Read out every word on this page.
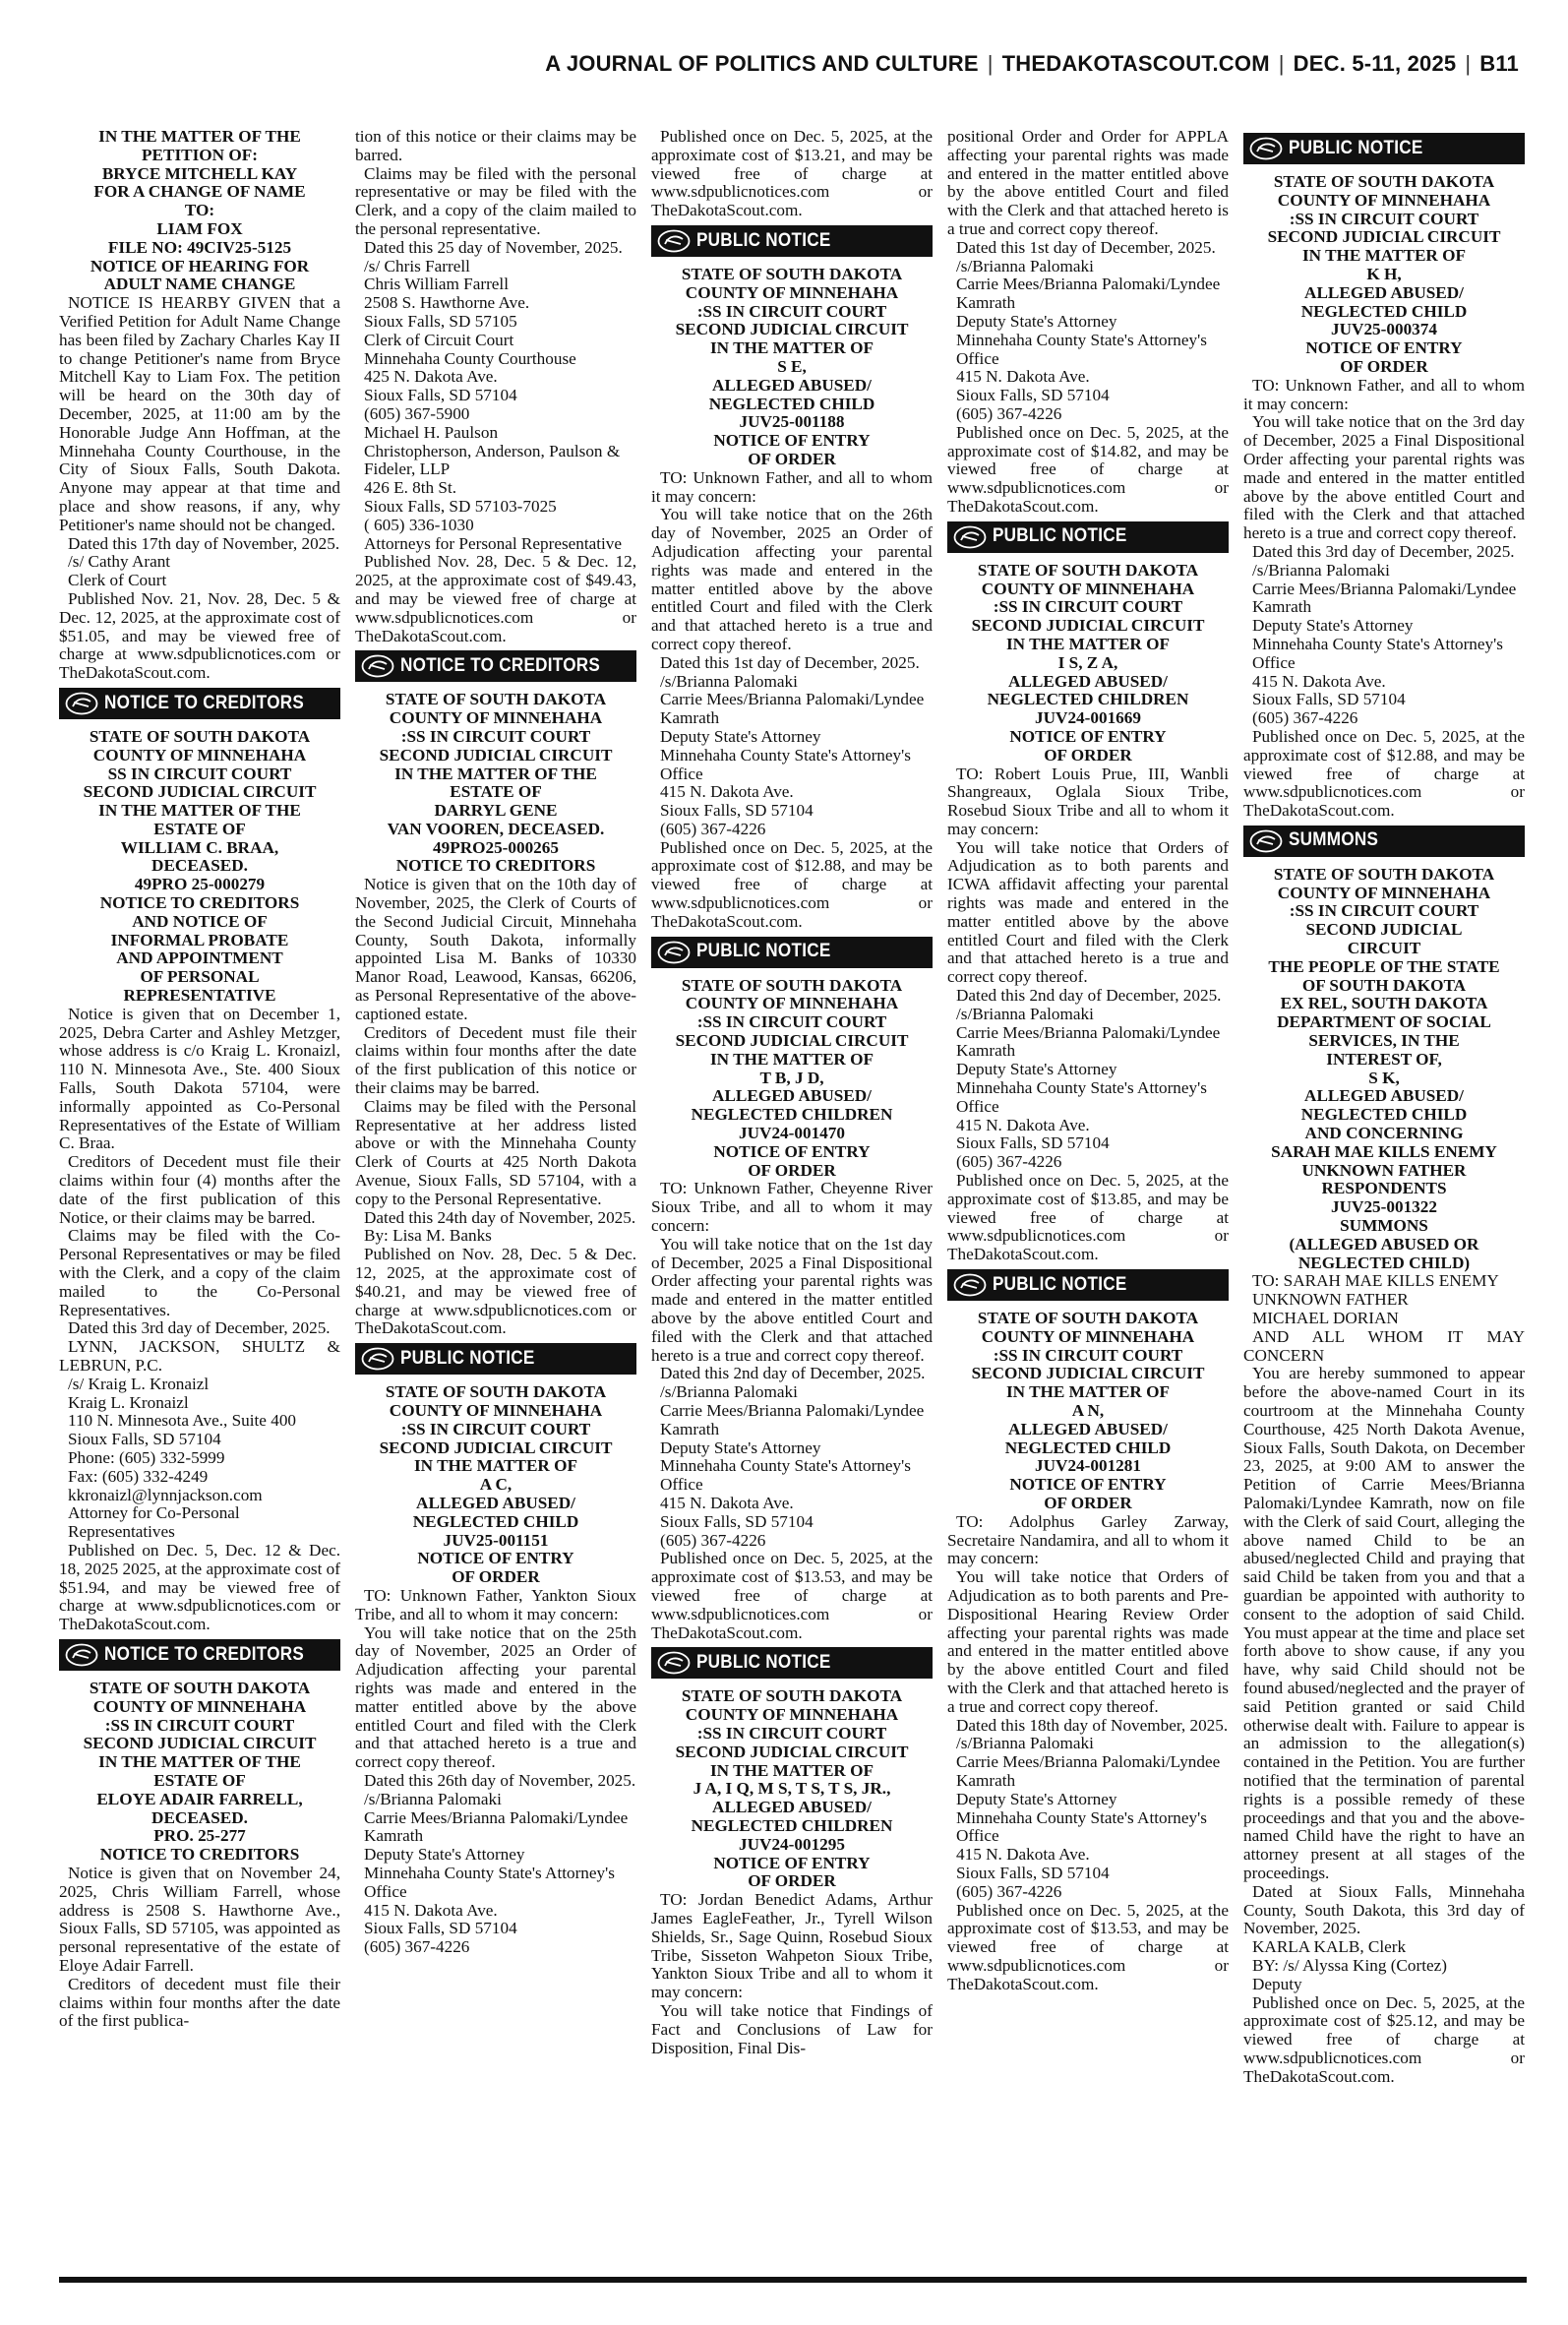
A JOURNAL OF POLITICS AND CULTURE | THEDAKOTASCOUT.COM | DEC. 5-11, 2025 | B11
IN THE MATTER OF THE
PETITION OF:
BRYCE MITCHELL KAY
FOR A CHANGE OF NAME
TO:
LIAM FOX
FILE NO: 49CIV25-5125
NOTICE OF HEARING FOR
ADULT NAME CHANGE

NOTICE IS HEARBY GIVEN that a Verified Petition for Adult Name Change has been filed by Zachary Charles Kay II to change Petitioner's name from Bryce Mitchell Kay to Liam Fox. The petition will be heard on the 30th day of December, 2025, at 11:00 am by the Honorable Judge Ann Hoffman, at the Minnehaha County Courthouse, in the City of Sioux Falls, South Dakota. Anyone may appear at that time and place and show reasons, if any, why Petitioner's name should not be changed.

Dated this 17th day of November, 2025.

/s/ Cathy Arant
Clerk of Court

Published Nov. 21, Nov. 28, Dec. 5 & Dec. 12, 2025, at the approximate cost of $51.05, and may be viewed free of charge at www.sdpublicnotices.com or TheDakotaScout.com.

NOTICE TO CREDITORS
STATE OF SOUTH DAKOTA
COUNTY OF MINNEHAHA
SS IN CIRCUIT COURT
SECOND JUDICIAL CIRCUIT
IN THE MATTER OF THE
ESTATE OF
WILLIAM C. BRAA,
DECEASED.
49PRO 25-000279
NOTICE TO CREDITORS
AND NOTICE OF
INFORMAL PROBATE
AND APPOINTMENT
OF PERSONAL
REPRESENTATIVE

Notice is given that on December 1, 2025, Debra Carter and Ashley Metzger, whose address is c/o Kraig L. Kronaizl, 110 N. Minnesota Ave., Ste. 400 Sioux Falls, South Dakota 57104, were informally appointed as Co-Personal Representatives of the Estate of William C. Braa.

Creditors of Decedent must file their claims within four (4) months after the date of the first publication of this Notice, or their claims may be barred.

Claims may be filed with the Co-Personal Representatives or may be filed with the Clerk, and a copy of the claim mailed to the Co-Personal Representatives.

Dated this 3rd day of December, 2025.

LYNN, JACKSON, SHULTZ & LEBRUN, P.C.

/s/ Kraig L. Kronaizl
Kraig L. Kronaizl
110 N. Minnesota Ave., Suite 400
Sioux Falls, SD 57104
Phone: (605) 332-5999
Fax: (605) 332-4249
kkronaizl@lynnjackson.com
Attorney for Co-Personal Representatives

Published on Dec. 5, Dec. 12 & Dec. 18, 2025 2025, at the approximate cost of $51.94, and may be viewed free of charge at www.sdpublicnotices.com or TheDakotaScout.com.

NOTICE TO CREDITORS
STATE OF SOUTH DAKOTA
COUNTY OF MINNEHAHA
:SS IN CIRCUIT COURT
SECOND JUDICIAL CIRCUIT
IN THE MATTER OF THE
ESTATE OF
ELOYE ADAIR FARRELL,
DECEASED.
PRO. 25-277
NOTICE TO CREDITORS

Notice is given that on November 24, 2025, Chris William Farrell, whose address is 2508 S. Hawthorne Ave., Sioux Falls, SD 57105, was appointed as personal representative of the estate of Eloye Adair Farrell.

Creditors of decedent must file their claims within four months after the date of the first publica-

tion of this notice or their claims may be barred.

Claims may be filed with the personal representative or may be filed with the Clerk, and a copy of the claim mailed to the personal representative.

Dated this 25 day of November, 2025.

/s/ Chris Farrell
Chris William Farrell
2508 S. Hawthorne Ave.
Sioux Falls, SD 57105
Clerk of Circuit Court
Minnehaha County Courthouse
425 N. Dakota Ave.
Sioux Falls, SD 57104
(605) 367-5900
Michael H. Paulson
Christopherson, Anderson, Paulson & Fideler, LLP
426 E. 8th St.
Sioux Falls, SD 57103-7025
( 605) 336-1030
Attorneys for Personal Representative

Published Nov. 28, Dec. 5 & Dec. 12, 2025, at the approximate cost of $49.43, and may be viewed free of charge at www.sdpublicnotices.com or TheDakotaScout.com.

NOTICE TO CREDITORS
STATE OF SOUTH DAKOTA
COUNTY OF MINNEHAHA
:SS IN CIRCUIT COURT
SECOND JUDICIAL CIRCUIT
IN THE MATTER OF THE
ESTATE OF
DARRYL GENE
VAN VOOREN, DECEASED.
49PRO25-000265
NOTICE TO CREDITORS

Notice is given that on the 10th day of November, 2025, the Clerk of Courts of the Second Judicial Circuit, Minnehaha County, South Dakota, informally appointed Lisa M. Banks of 10330 Manor Road, Leawood, Kansas, 66206, as Personal Representative of the above-captioned estate.

Creditors of Decedent must file their claims within four months after the date of the first publication of this notice or their claims may be barred.

Claims may be filed with the Personal Representative at her address listed above or with the Minnehaha County Clerk of Courts at 425 North Dakota Avenue, Sioux Falls, SD 57104, with a copy to the Personal Representative.

Dated this 24th day of November, 2025.

By: Lisa M. Banks

Published on Nov. 28, Dec. 5 & Dec. 12, 2025, at the approximate cost of $40.21, and may be viewed free of charge at www.sdpublicnotices.com or TheDakotaScout.com.

PUBLIC NOTICE
STATE OF SOUTH DAKOTA
COUNTY OF MINNEHAHA
:SS IN CIRCUIT COURT
SECOND JUDICIAL CIRCUIT
IN THE MATTER OF
A C,
ALLEGED ABUSED/
NEGLECTED CHILD
JUV25-001151
NOTICE OF ENTRY
OF ORDER

TO: Unknown Father, Yankton Sioux Tribe, and all to whom it may concern:

You will take notice that on the 25th day of November, 2025 an Order of Adjudication affecting your parental rights was made and entered in the matter entitled above by the above entitled Court and filed with the Clerk and that attached hereto is a true and correct copy thereof.

Dated this 26th day of November, 2025.

/s/Brianna Palomaki
Carrie Mees/Brianna Palomaki/Lyndee Kamrath
Deputy State's Attorney
Minnehaha County State's Attorney's Office
415 N. Dakota Ave.
Sioux Falls, SD 57104
(605) 367-4226

Published once on Dec. 5, 2025, at the approximate cost of $13.21, and may be viewed free of charge at www.sdpublicnotices.com or TheDakotaScout.com.

PUBLIC NOTICE
STATE OF SOUTH DAKOTA
COUNTY OF MINNEHAHA
:SS IN CIRCUIT COURT
SECOND JUDICIAL CIRCUIT
IN THE MATTER OF
S E,
ALLEGED ABUSED/
NEGLECTED CHILD
JUV25-001188
NOTICE OF ENTRY
OF ORDER

TO: Unknown Father, and all to whom it may concern:

You will take notice that on the 26th day of November, 2025 an Order of Adjudication affecting your parental rights was made and entered in the matter entitled above by the above entitled Court and filed with the Clerk and that attached hereto is a true and correct copy thereof.

Dated this 1st day of December, 2025.

/s/Brianna Palomaki
Carrie Mees/Brianna Palomaki/Lyndee Kamrath
Deputy State's Attorney
Minnehaha County State's Attorney's Office
415 N. Dakota Ave.
Sioux Falls, SD 57104
(605) 367-4226

Published once on Dec. 5, 2025, at the approximate cost of $12.88, and may be viewed free of charge at www.sdpublicnotices.com or TheDakotaScout.com.

PUBLIC NOTICE
STATE OF SOUTH DAKOTA
COUNTY OF MINNEHAHA
:SS IN CIRCUIT COURT
SECOND JUDICIAL CIRCUIT
IN THE MATTER OF
T B, J D,
ALLEGED ABUSED/
NEGLECTED CHILDREN
JUV24-001470
NOTICE OF ENTRY
OF ORDER

TO: Unknown Father, Cheyenne River Sioux Tribe, and all to whom it may concern:

You will take notice that on the 1st day of December, 2025 a Final Dispositional Order affecting your parental rights was made and entered in the matter entitled above by the above entitled Court and filed with the Clerk and that attached hereto is a true and correct copy thereof.

Dated this 2nd day of December, 2025.

/s/Brianna Palomaki
Carrie Mees/Brianna Palomaki/Lyndee Kamrath
Deputy State's Attorney
Minnehaha County State's Attorney's Office
415 N. Dakota Ave.
Sioux Falls, SD 57104
(605) 367-4226

Published once on Dec. 5, 2025, at the approximate cost of $13.53, and may be viewed free of charge at www.sdpublicnotices.com or TheDakotaScout.com.

PUBLIC NOTICE
STATE OF SOUTH DAKOTA
COUNTY OF MINNEHAHA
:SS IN CIRCUIT COURT
SECOND JUDICIAL CIRCUIT
IN THE MATTER OF
J A, I Q, M S, T S, T S, JR.,
ALLEGED ABUSED/
NEGLECTED CHILDREN
JUV24-001295
NOTICE OF ENTRY
OF ORDER

TO: Jordan Benedict Adams, Arthur James EagleFeather, Jr., Tyrell Wilson Shields, Sr., Sage Quinn, Rosebud Sioux Tribe, Sisseton Wahpeton Sioux Tribe, Yankton Sioux Tribe and all to whom it may concern:

You will take notice that Findings of Fact and Conclusions of Law for Disposition, Final Dis-

positional Order and Order for APPLA affecting your parental rights was made and entered in the matter entitled above by the above entitled Court and filed with the Clerk and that attached hereto is a true and correct copy thereof.

Dated this 1st day of December, 2025.

/s/Brianna Palomaki
Carrie Mees/Brianna Palomaki/Lyndee Kamrath
Deputy State's Attorney
Minnehaha County State's Attorney's Office
415 N. Dakota Ave.
Sioux Falls, SD 57104
(605) 367-4226

Published once on Dec. 5, 2025, at the approximate cost of $14.82, and may be viewed free of charge at www.sdpublicnotices.com or TheDakotaScout.com.

PUBLIC NOTICE
STATE OF SOUTH DAKOTA
COUNTY OF MINNEHAHA
:SS IN CIRCUIT COURT
SECOND JUDICIAL CIRCUIT
IN THE MATTER OF
I S, Z A,
ALLEGED ABUSED/
NEGLECTED CHILDREN
JUV24-001669
NOTICE OF ENTRY
OF ORDER

TO: Robert Louis Prue, III, Wanbli Shangreaux, Oglala Sioux Tribe, Rosebud Sioux Tribe and all to whom it may concern:

You will take notice that Orders of Adjudication as to both parents and ICWA affidavit affecting your parental rights was made and entered in the matter entitled above by the above entitled Court and filed with the Clerk and that attached hereto is a true and correct copy thereof.

Dated this 2nd day of December, 2025.

/s/Brianna Palomaki
Carrie Mees/Brianna Palomaki/Lyndee Kamrath
Deputy State's Attorney
Minnehaha County State's Attorney's Office
415 N. Dakota Ave.
Sioux Falls, SD 57104
(605) 367-4226

Published once on Dec. 5, 2025, at the approximate cost of $13.85, and may be viewed free of charge at www.sdpublicnotices.com or TheDakotaScout.com.

PUBLIC NOTICE
STATE OF SOUTH DAKOTA
COUNTY OF MINNEHAHA
:SS IN CIRCUIT COURT
SECOND JUDICIAL CIRCUIT
IN THE MATTER OF
A N,
ALLEGED ABUSED/
NEGLECTED CHILD
JUV24-001281
NOTICE OF ENTRY
OF ORDER

TO: Adolphus Garley Zarway, Secretaire Nandamira, and all to whom it may concern:

You will take notice that Orders of Adjudication as to both parents and Pre-Dispositional Hearing Review Order affecting your parental rights was made and entered in the matter entitled above by the above entitled Court and filed with the Clerk and that attached hereto is a true and correct copy thereof.

Dated this 18th day of November, 2025.

/s/Brianna Palomaki
Carrie Mees/Brianna Palomaki/Lyndee Kamrath
Deputy State's Attorney
Minnehaha County State's Attorney's Office
415 N. Dakota Ave.
Sioux Falls, SD 57104
(605) 367-4226

Published once on Dec. 5, 2025, at the approximate cost of $13.53, and may be viewed free of charge at www.sdpublicnotices.com or TheDakotaScout.com.

PUBLIC NOTICE
STATE OF SOUTH DAKOTA
COUNTY OF MINNEHAHA
:SS IN CIRCUIT COURT
SECOND JUDICIAL CIRCUIT
IN THE MATTER OF
K H,
ALLEGED ABUSED/
NEGLECTED CHILD
JUV25-000374
NOTICE OF ENTRY
OF ORDER

TO: Unknown Father, and all to whom it may concern:

You will take notice that on the 3rd day of December, 2025 a Final Dispositional Order affecting your parental rights was made and entered in the matter entitled above by the above entitled Court and filed with the Clerk and that attached hereto is a true and correct copy thereof.

Dated this 3rd day of December, 2025.

/s/Brianna Palomaki
Carrie Mees/Brianna Palomaki/Lyndee Kamrath
Deputy State's Attorney
Minnehaha County State's Attorney's Office
415 N. Dakota Ave.
Sioux Falls, SD 57104
(605) 367-4226

Published once on Dec. 5, 2025, at the approximate cost of $12.88, and may be viewed free of charge at www.sdpublicnotices.com or TheDakotaScout.com.

SUMMONS
STATE OF SOUTH DAKOTA
COUNTY OF MINNEHAHA
:SS IN CIRCUIT COURT
SECOND JUDICIAL
CIRCUIT
THE PEOPLE OF THE STATE
OF SOUTH DAKOTA
EX REL, SOUTH DAKOTA
DEPARTMENT OF SOCIAL
SERVICES, IN THE
INTEREST OF,
S K,
ALLEGED ABUSED/
NEGLECTED CHILD
AND CONCERNING
SARAH MAE KILLS ENEMY
UNKNOWN FATHER
RESPONDENTS
JUV25-001322
SUMMONS
(ALLEGED ABUSED OR
NEGLECTED CHILD)

TO: SARAH MAE KILLS ENEMY

UNKNOWN FATHER
MICHAEL DORIAN

AND ALL WHOM IT MAY CONCERN

You are hereby summoned to appear before the above-named Court in its courtroom at the Minnehaha County Courthouse, 425 North Dakota Avenue, Sioux Falls, South Dakota, on December 23, 2025, at 9:00 AM to answer the Petition of Carrie Mees/Brianna Palomaki/Lyndee Kamrath, now on file with the Clerk of said Court, alleging the above named Child to be an abused/neglected Child and praying that said Child be taken from you and that a guardian be appointed with authority to consent to the adoption of said Child. You must appear at the time and place set forth above to show cause, if any you have, why said Child should not be found abused/neglected and the prayer of said Petition granted or said Child otherwise dealt with. Failure to appear is an admission to the allegation(s) contained in the Petition. You are further notified that the termination of parental rights is a possible remedy of these proceedings and that you and the above-named Child have the right to have an attorney present at all stages of the proceedings.

Dated at Sioux Falls, Minnehaha County, South Dakota, this 3rd day of November, 2025.

KARLA KALB, Clerk
BY: /s/ Alyssa King (Cortez)
Deputy

Published once on Dec. 5, 2025, at the approximate cost of $25.12, and may be viewed free of charge at www.sdpublicnotices.com or TheDakotaScout.com.
